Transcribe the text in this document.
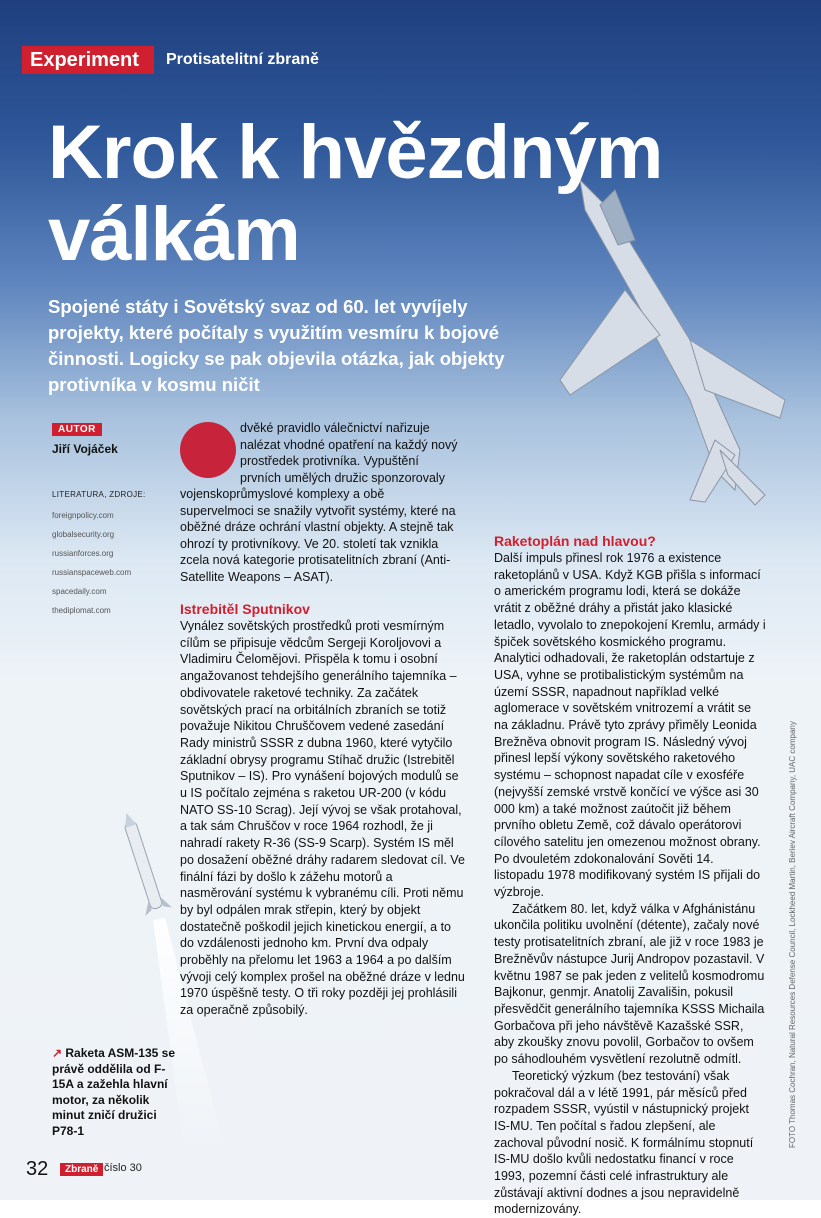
Experiment	Protisatelitní zbraně
Krok k hvězdným
válkám
Spojené státy i Sovětský svaz od 60. let vyvíjely projekty, které počítaly s využitím vesmíru k bojové činnosti. Logicky se pak objevila otázka, jak objekty protivníka v kosmu ničit
AUTOR
Jiří Vojáček
LITERATURA, ZDROJE:
foreignpolicy.com
globalsecurity.org
russianforces.org
russianspaceweb.com
spacedaily.com
thediplomat.com

dvěké pravidlo válečnictví nařizuje nalézat vhodné opatření na každý nový prostředek protivníka. Vypuštění prvních umělých družic sponzorovaly vojenskoprůmyslové komplexy a obě supervelmoci se snažily vytvořit systémy, které na oběžné dráze ochrání vlastní objekty. A stejně tak ohrozí ty protivníkovy. Ve 20. století tak vznikla zcela nová kategorie protisatelitních zbraní (Anti-Satellite Weapons – ASAT).

Istrebitěl Sputnikov
Vynález sovětských prostředků proti vesmírným cílům se připisuje vědcům Sergeji Koroljovovi a Vladimiru Čelomějovi. Přispěla k tomu i osobní angažovanost tehdejšího generálního tajemníka – obdivovatele raketové techniky. Za začátek sovětských prací na orbitálních zbraních se totiž považuje Nikitou Chruščovem vedené zasedání Rady ministrů SSSR z dubna 1960, které vytyčilo základní obrysy programu Stíhač družic (Istrebitěl Sputnikov – IS). Pro vynášení bojových modulů se u IS počítalo zejména s raketou UR-200 (v kódu NATO SS-10 Scrag). Její vývoj se však protahoval, a tak sám Chruščov v roce 1964 rozhodl, že ji nahradí rakety R-36 (SS-9 Scarp). Systém IS měl po dosažení oběžné dráhy radarem sledovat cíl. Ve finální fázi by došlo k zážehu motorů a nasměrování systému k vybranému cíli. Proti němu by byl odpálen mrak střepin, který by objekt dostatečně poškodil jejich kinetickou energií, a to do vzdálenosti jednoho km. První dva odpaly proběhly na přelomu let 1963 a 1964 a po dalším vývoji celý komplex prošel na oběžné dráze v lednu 1970 úspěšně testy. O tři roky později jej prohlásili za operačně způsobilý.
Raketoplán nad hlavou?

Další impuls přinesl rok 1976 a existence raketoplánů v USA. Když KGB přišla s informací o americkém programu lodi, která se dokáže vrátit z oběžné dráhy a přistát jako klasické letadlo, vyvolalo to znepokojení Kremlu, armády i špiček sovětského kosmického programu. Analytici odhadovali, že raketoplán odstartuje z USA, vyhne se protibalistickým systémům na území SSSR, napadnout například velké aglomerace v sovětském vnitrozemí a vrátit se na základnu. Právě tyto zprávy přiměly Leonida Brežněva obnovit program IS. Následný vývoj přinesl lepší výkony sovětského raketového systému – schopnost napadat cíle v exosféře (nejvyšší zemské vrstvě končící ve výšce asi 30 000 km) a také možnost zaútočit již během prvního obletu Země, což dávalo operátorovi cílového satelitu jen omezenou možnost obrany. Po dvouletém zdokonalování Sověti 14. listopadu 1978 modifikovaný systém IS přijali do výzbroje.

Začátkem 80. let, když válka v Afghánistánu ukončila politiku uvolnění (détente), začaly nové testy protisatelitních zbraní, ale již v roce 1983 je Brežněvův nástupce Jurij Andropov pozastavil. V květnu 1987 se pak jeden z velitelů kosmodromu Bajkonur, genmjr. Anatolij Zavališin, pokusil přesvědčit generálního tajemníka KSSS Michaila Gorbačova při jeho návštěvě Kazašské SSR, aby zkoušky znovu povolil, Gorbačov to ovšem po sáhodlouhém vysvětlení rezolutně odmítl.

Teoretický výzkum (bez testování) však pokračoval dál a v létě 1991, pár měsíců před rozpadem SSSR, vyústil v nástupnický projekt IS-MU. Ten počítal s řadou zlepšení, ale zachoval původní nosič. K formálnímu stopnutí IS-MU došlo kvůli nedostatku financí v roce 1993, pozemní části celé infrastruktury ale zůstávají aktivní dodnes a jsou nepravidelně modernizovány.

↗ Raketa ASM-135 se právě oddělila od F-15A a zažehla hlavní motor, za několik minut zničí družici P78-1	FOTO Thomas Cochran, Natural Resources Defense Council, Lockheed Martin, Beriev Aircraft Company, UAC company
32	Zbraně číslo 30
